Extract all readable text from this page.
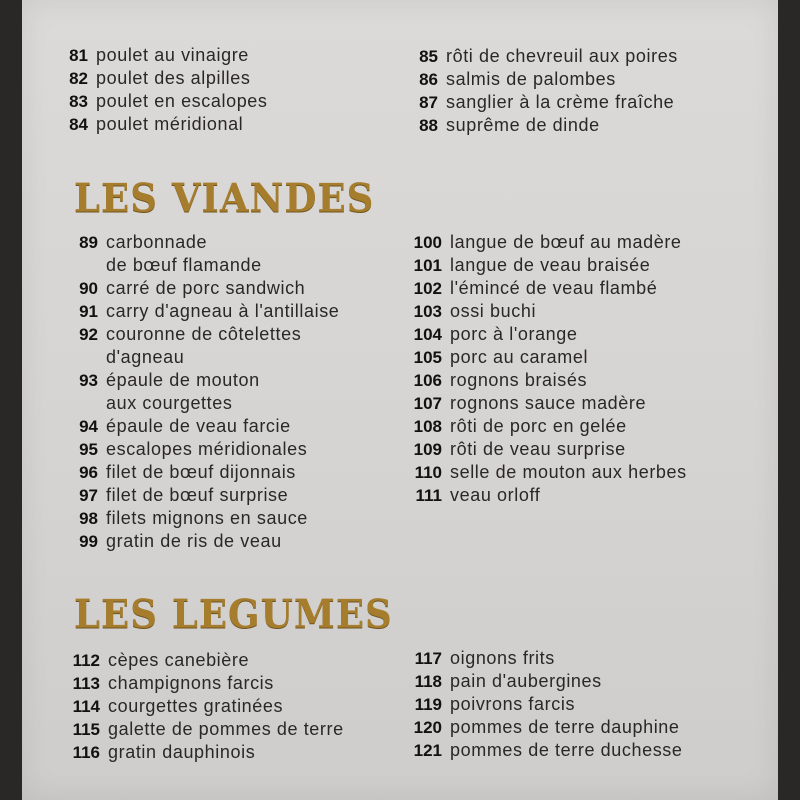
81 poulet au vinaigre
82 poulet des alpilles
83 poulet en escalopes
84 poulet méridional
85 rôti de chevreuil aux poires
86 salmis de palombes
87 sanglier à la crème fraîche
88 suprême de dinde
LES VIANDES
89 carbonnade
de bœuf flamande
90 carré de porc sandwich
91 carry d'agneau à l'antillaise
92 couronne de côtelettes
d'agneau
93 épaule de mouton
aux courgettes
94 épaule de veau farcie
95 escalopes méridionales
96 filet de bœuf dijonnais
97 filet de bœuf surprise
98 filets mignons en sauce
99 gratin de ris de veau
100 langue de bœuf au madère
101 langue de veau braisée
102 l'émincé de veau flambé
103 ossi buchi
104 porc à l'orange
105 porc au caramel
106 rognons braisés
107 rognons sauce madère
108 rôti de porc en gelée
109 rôti de veau surprise
110 selle de mouton aux herbes
111 veau orloff
LES LEGUMES
112 cèpes canebière
113 champignons farcis
114 courgettes gratinées
115 galette de pommes de terre
116 gratin dauphinois
117 oignons frits
118 pain d'aubergines
119 poivrons farcis
120 pommes de terre dauphine
121 pommes de terre duchesse
